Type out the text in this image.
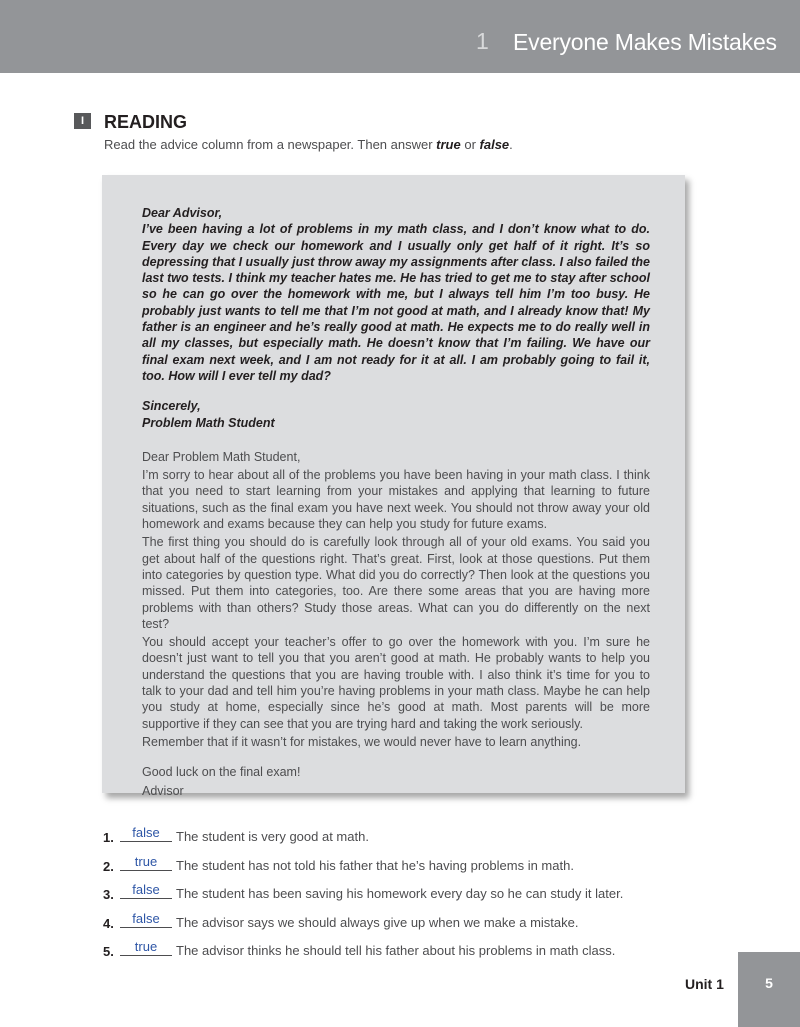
1 Everyone Makes Mistakes
I	READING
Read the advice column from a newspaper. Then answer true or false.

Dear Advisor,

I’ve been having a lot of problems in my math class, and I don’t know what to do. Every day we check our homework and I usually only get half of it right. It’s so depressing that I usually just throw away my assignments after class. I also failed the last two tests. I think my teacher hates me. He has tried to get me to stay after school so he can go over the homework with me, but I always tell him I’m too busy. He probably just wants to tell me that I’m not good at math, and I already know that! My father is an engineer and he’s really good at math. He expects me to do really well in all my classes, but especially math. He doesn’t know that I’m failing. We have our final exam next week, and I am not ready for it at all. I am probably going to fail it, too. How will I ever tell my dad?

Sincerely,

Problem Math Student

Dear Problem Math Student,

I’m sorry to hear about all of the problems you have been having in your math class. I think that you need to start learning from your mistakes and applying that learning to future situations, such as the final exam you have next week. You should not throw away your old homework and exams because they can help you study for future exams.

The first thing you should do is carefully look through all of your old exams. You said you get about half of the questions right. That’s great. First, look at those questions. Put them into categories by question type. What did you do correctly? Then look at the questions you missed. Put them into categories, too. Are there some areas that you are having more problems with than others? Study those areas. What can you do differently on the next test?

You should accept your teacher’s offer to go over the homework with you. I’m sure he doesn’t just want to tell you that you aren’t good at math. He probably wants to help you understand the questions that you are having trouble with. I also think it’s time for you to talk to your dad and tell him you’re having problems in your math class. Maybe he can help you study at home, especially since he’s good at math. Most parents will be more supportive if they can see that you are trying hard and taking the work seriously.

Remember that if it wasn’t for mistakes, we would never have to learn anything.

Good luck on the final exam!

Advisor

1.	false	The student is very good at math.
2.	true	The student has not told his father that he’s having problems in math.
3.	false	The student has been saving his homework every day so he can study it later.
4.	false	The advisor says we should always give up when we make a mistake.
5.	true	The advisor thinks he should tell his father about his problems in math class.
Unit 1	5
